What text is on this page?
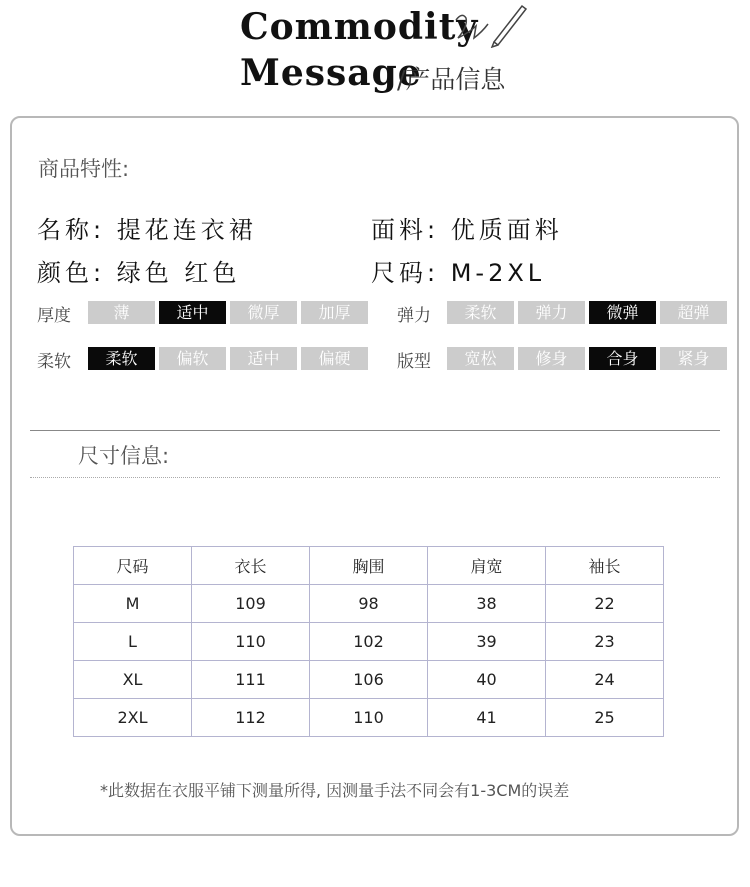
Commodity
Message
/产品信息
商品特性:
名称: 提花连衣裙	面料: 优质面料
颜色: 绿色 红色	尺码: M-2XL
厚度	薄	适中	微厚	加厚	弹力	柔软	弹力	微弹	超弹
柔软	柔软	偏软	适中	偏硬	版型	宽松	修身	合身	紧身
尺寸信息:
尺码	衣长	胸围	肩宽	袖长
M	109	98	38	22
L	110	102	39	23
XL	111	106	40	24
2XL	112	110	41	25
*此数据在衣服平铺下测量所得, 因测量手法不同会有1-3CM的误差
